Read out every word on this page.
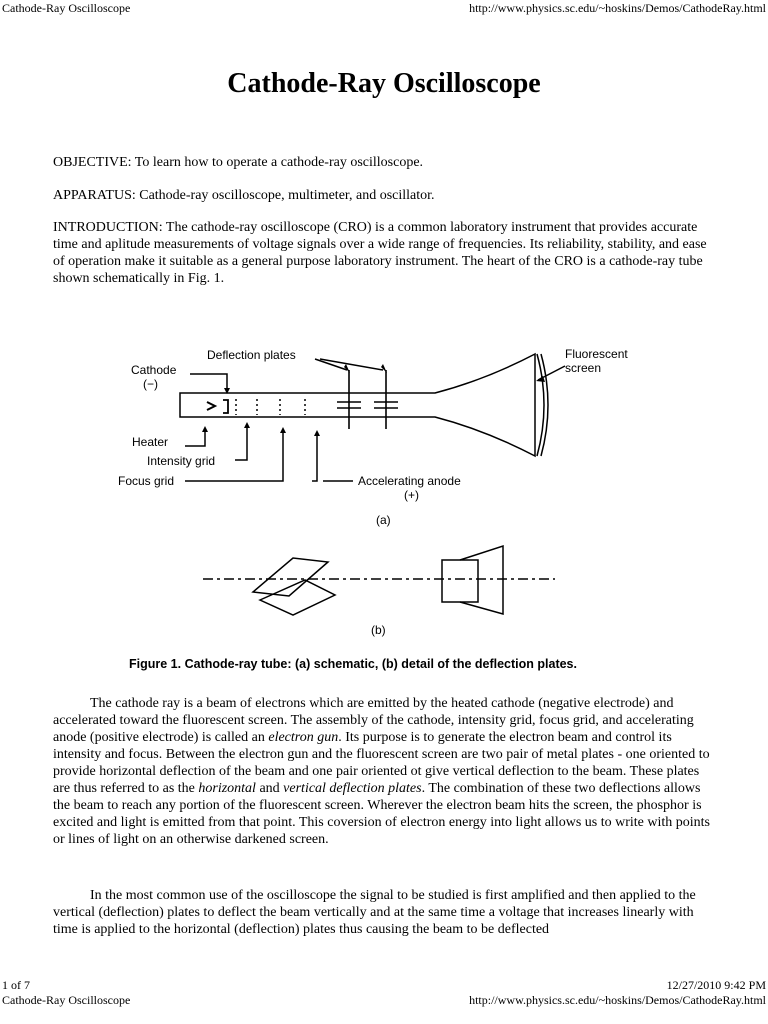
Cathode-Ray Oscilloscope	http://www.physics.sc.edu/~hoskins/Demos/CathodeRay.html
Cathode-Ray Oscilloscope

OBJECTIVE: To learn how to operate a cathode-ray oscilloscope.

APPARATUS: Cathode-ray oscilloscope, multimeter, and oscillator.

INTRODUCTION: The cathode-ray oscilloscope (CRO) is a common laboratory instrument that provides accurate time and aplitude measurements of voltage signals over a wide range of frequencies. Its reliability, stability, and ease of operation make it suitable as a general purpose laboratory instrument. The heart of the CRO is a cathode-ray tube shown schematically in Fig. 1.

Deflection plates
Cathode
(−)
Fluorescent
screen
Heater
Intensity grid
Focus grid	Accelerating anode
(+)
(a)
(b)
Figure 1. Cathode-ray tube: (a) schematic, (b) detail of the deflection plates.

The cathode ray is a beam of electrons which are emitted by the heated cathode (negative electrode) and accelerated toward the fluorescent screen. The assembly of the cathode, intensity grid, focus grid, and accelerating anode (positive electrode) is called an electron gun. Its purpose is to generate the electron beam and control its intensity and focus. Between the electron gun and the fluorescent screen are two pair of metal plates - one oriented to provide horizontal deflection of the beam and one pair oriented ot give vertical deflection to the beam. These plates are thus referred to as the horizontal and vertical deflection plates. The combination of these two deflections allows the beam to reach any portion of the fluorescent screen. Wherever the electron beam hits the screen, the phosphor is excited and light is emitted from that point. This coversion of electron energy into light allows us to write with points or lines of light on an otherwise darkened screen.

In the most common use of the oscilloscope the signal to be studied is first amplified and then applied to the vertical (deflection) plates to deflect the beam vertically and at the same time a voltage that increases linearly with time is applied to the horizontal (deflection) plates thus causing the beam to be deflected

1 of 7	12/27/2010 9:42 PM
Cathode-Ray Oscilloscope	http://www.physics.sc.edu/~hoskins/Demos/CathodeRay.html
